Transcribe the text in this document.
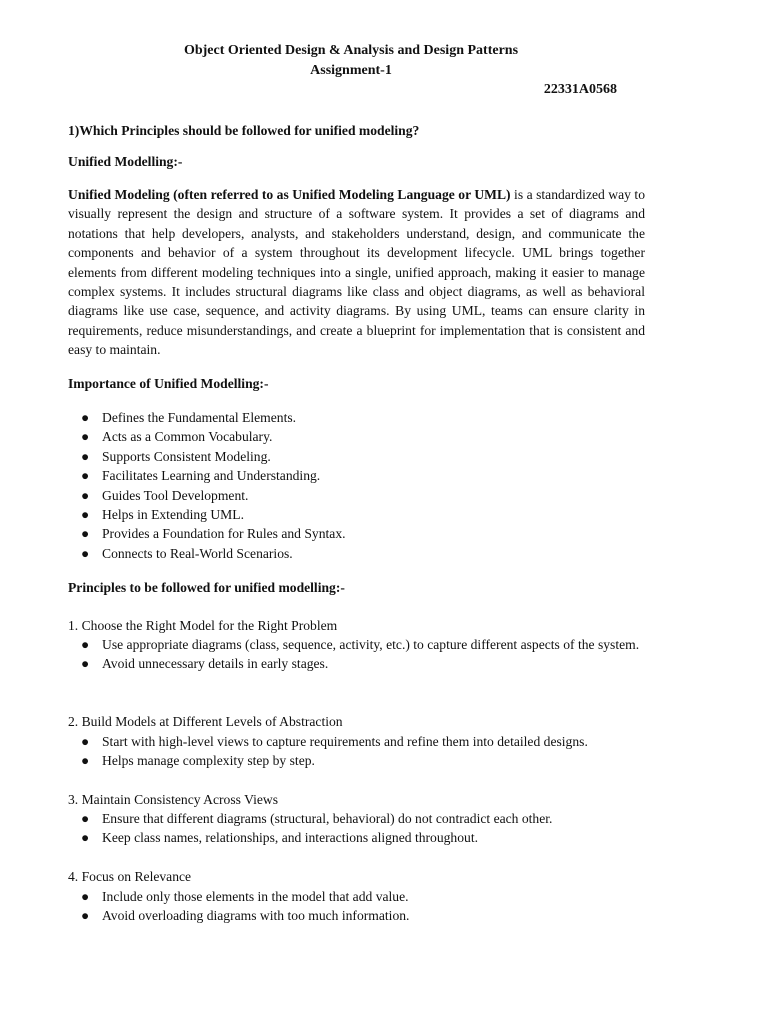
Object Oriented Design & Analysis and Design Patterns
Assignment-1
22331A0568
1)Which Principles should be followed for unified modeling?
Unified Modelling:-
Unified Modeling (often referred to as Unified Modeling Language or UML) is a standardized way to visually represent the design and structure of a software system. It provides a set of diagrams and notations that help developers, analysts, and stakeholders understand, design, and communicate the components and behavior of a system throughout its development lifecycle. UML brings together elements from different modeling techniques into a single, unified approach, making it easier to manage complex systems. It includes structural diagrams like class and object diagrams, as well as behavioral diagrams like use case, sequence, and activity diagrams. By using UML, teams can ensure clarity in requirements, reduce misunderstandings, and create a blueprint for implementation that is consistent and easy to maintain.
Importance of Unified Modelling:-
● Defines the Fundamental Elements.
● Acts as a Common Vocabulary.
● Supports Consistent Modeling.
● Facilitates Learning and Understanding.
● Guides Tool Development.
● Helps in Extending UML.
● Provides a Foundation for Rules and Syntax.
● Connects to Real-World Scenarios.
Principles to be followed for unified modelling:-
1. Choose the Right Model for the Right Problem
● Use appropriate diagrams (class, sequence, activity, etc.) to capture different aspects of the system.
● Avoid unnecessary details in early stages.
2. Build Models at Different Levels of Abstraction
● Start with high-level views to capture requirements and refine them into detailed designs.
● Helps manage complexity step by step.
3. Maintain Consistency Across Views
● Ensure that different diagrams (structural, behavioral) do not contradict each other.
● Keep class names, relationships, and interactions aligned throughout.
4. Focus on Relevance
● Include only those elements in the model that add value.
● Avoid overloading diagrams with too much information.
